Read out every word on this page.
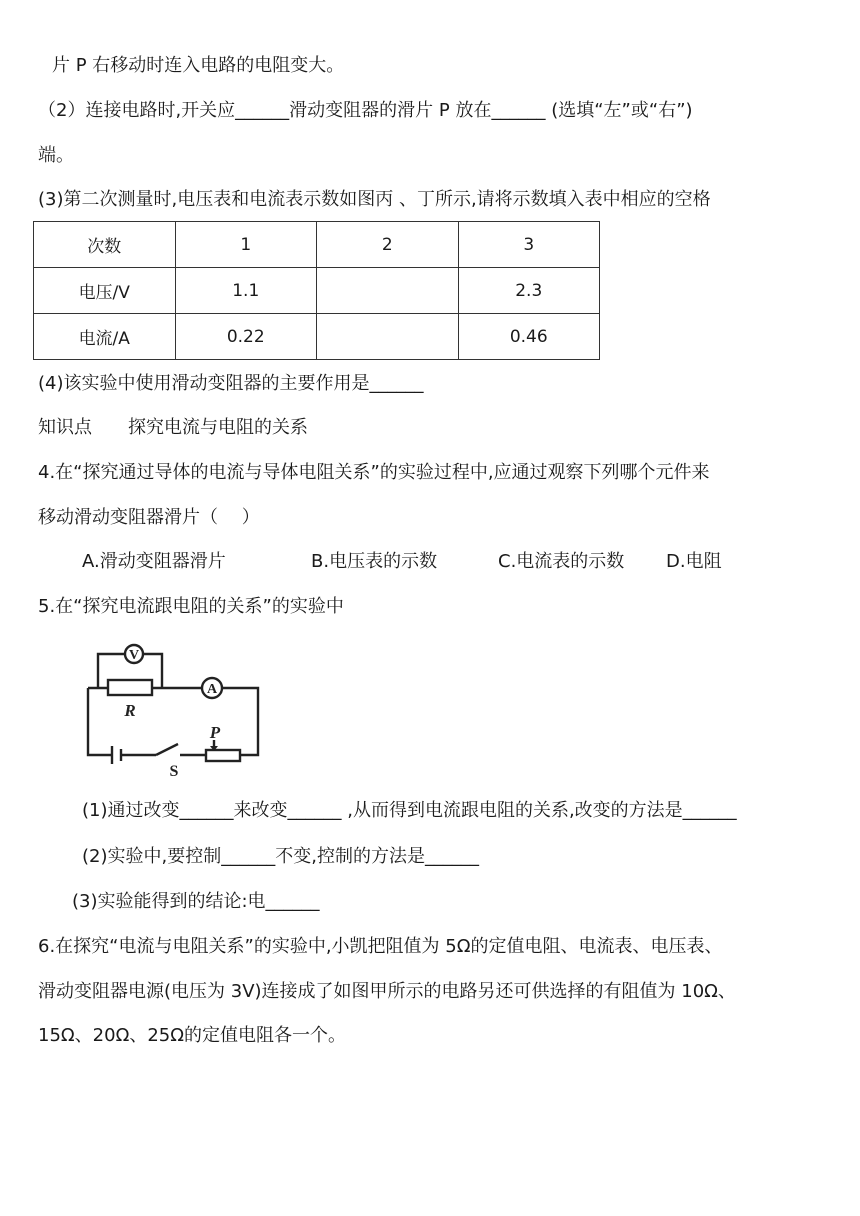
片 P 右移动时连入电路的电阻变大。
（2）连接电路时,开关应______滑动变阻器的滑片 P 放在______ (选填“左”或“右”)
端。
(3)第二次测量时,电压表和电流表示数如图丙 、丁所示,请将示数填入表中相应的空格
次数	1	2	3
电压/V	1.1		2.3
电流/A	0.22		0.46
(4)该实验中使用滑动变阻器的主要作用是______
知识点　　探究电流与电阻的关系
4.在“探究通过导体的电流与导体电阻关系”的实验过程中,应通过观察下列哪个元件来
移动滑动变阻器滑片（　 ）
A.滑动变阻器滑片	B.电压表的示数	C.电流表的示数 D.电阻
5.在“探究电流跟电阻的关系”的实验中
V
A
R
P
S
(1)通过改变______来改变______ ,从而得到电流跟电阻的关系,改变的方法是______
(2)实验中,要控制______不变,控制的方法是______
(3)实验能得到的结论:电______
6.在探究“电流与电阻关系”的实验中,小凯把阻值为 5Ω的定值电阻、电流表、电压表、
滑动变阻器电源(电压为 3V)连接成了如图甲所示的电路另还可供选择的有阻值为 10Ω、
15Ω、20Ω、25Ω的定值电阻各一个。
